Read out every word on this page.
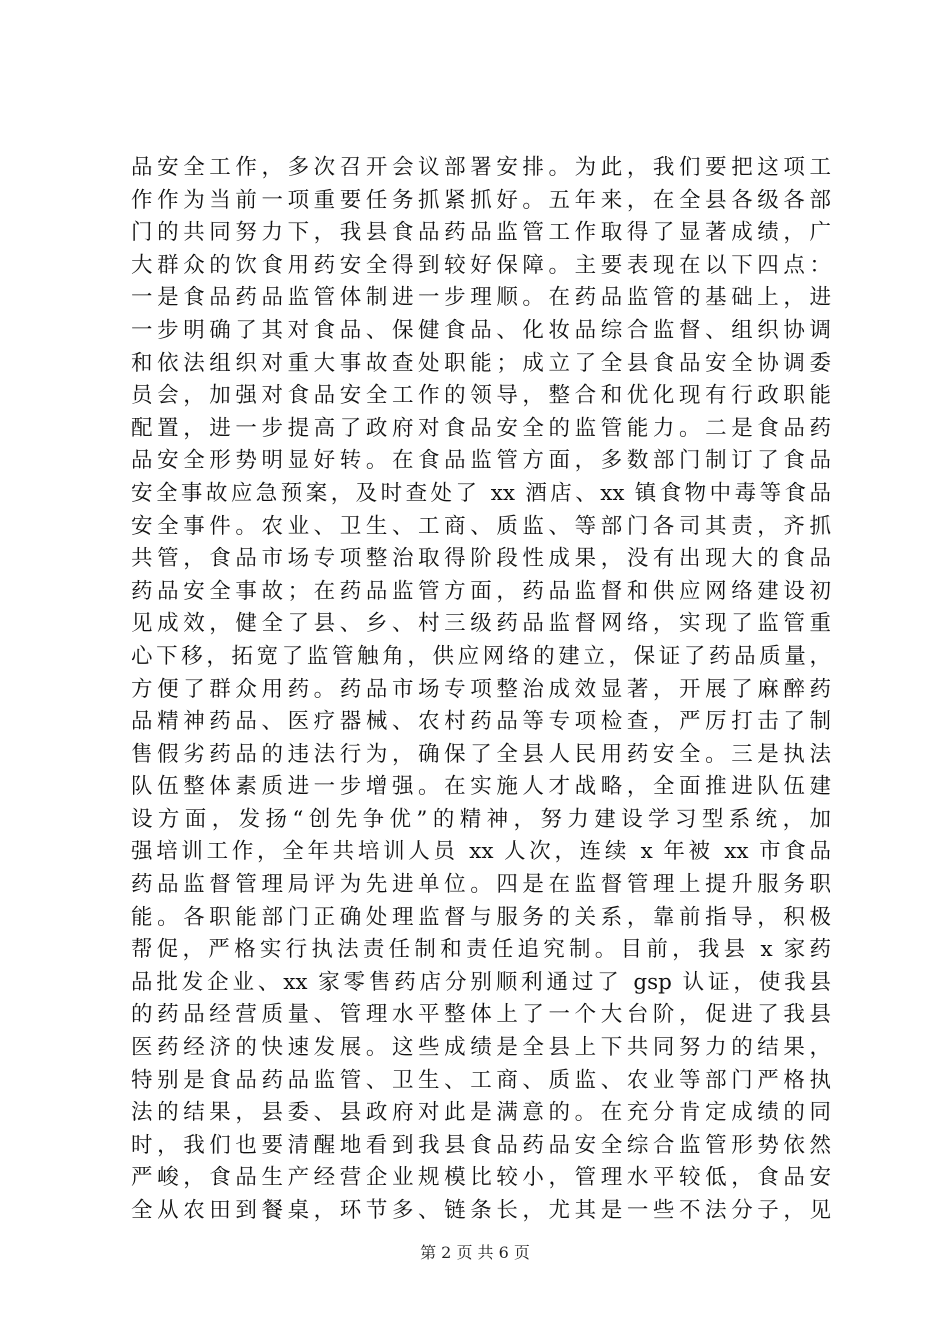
品安全工作，多次召开会议部署安排。为此，我们要把这项工
作作为当前一项重要任务抓紧抓好。五年来，在全县各级各部
门的共同努力下，我县食品药品监管工作取得了显著成绩，广
大群众的饮食用药安全得到较好保障。主要表现在以下四点：
一是食品药品监管体制进一步理顺。在药品监管的基础上，进
一步明确了其对食品、保健食品、化妆品综合监督、组织协调
和依法组织对重大事故查处职能；成立了全县食品安全协调委
员会，加强对食品安全工作的领导，整合和优化现有行政职能
配置，进一步提高了政府对食品安全的监管能力。二是食品药
品安全形势明显好转。在食品监管方面，多数部门制订了食品
安全事故应急预案，及时查处了 xx 酒店、xx 镇食物中毒等食品
安全事件。农业、卫生、工商、质监、等部门各司其责，齐抓
共管，食品市场专项整治取得阶段性成果，没有出现大的食品
药品安全事故；在药品监管方面，药品监督和供应网络建设初
见成效，健全了县、乡、村三级药品监督网络，实现了监管重
心下移，拓宽了监管触角，供应网络的建立，保证了药品质量，
方便了群众用药。药品市场专项整治成效显著，开展了麻醉药
品精神药品、医疗器械、农村药品等专项检查，严厉打击了制
售假劣药品的违法行为，确保了全县人民用药安全。三是执法
队伍整体素质进一步增强。在实施人才战略，全面推进队伍建
设方面，发扬“创先争优”的精神，努力建设学习型系统，加
强培训工作，全年共培训人员 xx 人次，连续 x 年被 xx 市食品
药品监督管理局评为先进单位。四是在监督管理上提升服务职
能。各职能部门正确处理监督与服务的关系，靠前指导，积极
帮促，严格实行执法责任制和责任追究制。目前，我县 x 家药
品批发企业、xx 家零售药店分别顺利通过了 gsp 认证，使我县
的药品经营质量、管理水平整体上了一个大台阶，促进了我县
医药经济的快速发展。这些成绩是全县上下共同努力的结果，
特别是食品药品监管、卫生、工商、质监、农业等部门严格执
法的结果，县委、县政府对此是满意的。在充分肯定成绩的同
时，我们也要清醒地看到我县食品药品安全综合监管形势依然
严峻，食品生产经营企业规模比较小，管理水平较低，食品安
全从农田到餐桌，环节多、链条长，尤其是一些不法分子，见
第 2 页 共 6 页
